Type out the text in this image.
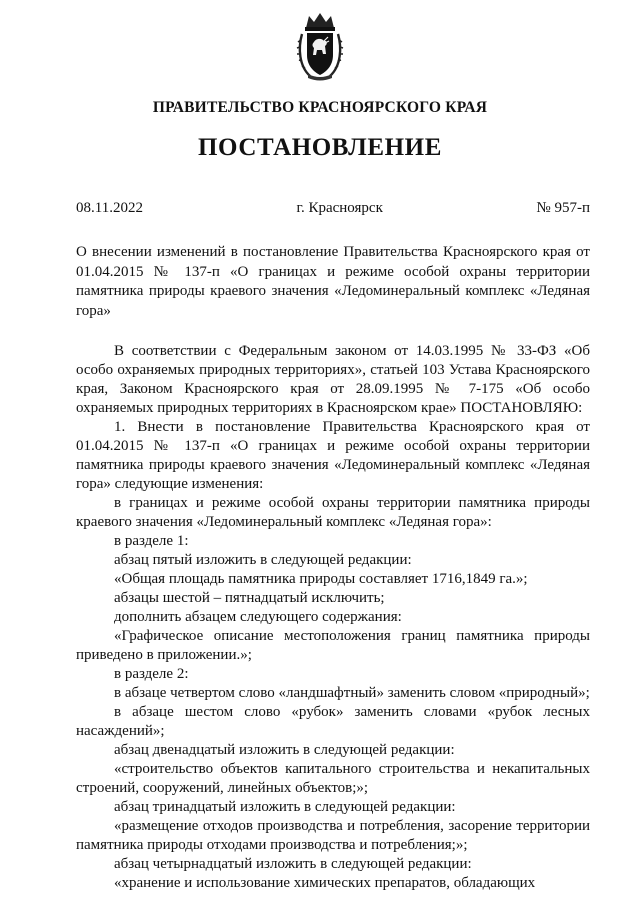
ПРАВИТЕЛЬСТВО КРАСНОЯРСКОГО КРАЯ
ПОСТАНОВЛЕНИЕ
08.11.2022	г. Красноярск	№ 957-п
О внесении изменений в постановление Правительства Красноярского края от 01.04.2015 № 137-п «О границах и режиме особой охраны территории памятника природы краевого значения «Ледоминеральный комплекс «Ледяная гора»

В соответствии с Федеральным законом от 14.03.1995 № 33-ФЗ «Об особо охраняемых природных территориях», статьей 103 Устава Красноярского края, Законом Красноярского края от 28.09.1995 № 7-175 «Об особо охраняемых природных территориях в Красноярском крае» ПОСТАНОВЛЯЮ:

1. Внести в постановление Правительства Красноярского края от 01.04.2015 № 137-п «О границах и режиме особой охраны территории памятника природы краевого значения «Ледоминеральный комплекс «Ледяная гора» следующие изменения:

в границах и режиме особой охраны территории памятника природы краевого значения «Ледоминеральный комплекс «Ледяная гора»:

в разделе 1:

абзац пятый изложить в следующей редакции:

«Общая площадь памятника природы составляет 1716,1849 га.»;

абзацы шестой – пятнадцатый исключить;

дополнить абзацем следующего содержания:

«Графическое описание местоположения границ памятника природы приведено в приложении.»;

в разделе 2:

в абзаце четвертом слово «ландшафтный» заменить словом «природный»;

в абзаце шестом слово «рубок» заменить словами «рубок лесных насаждений»;

абзац двенадцатый изложить в следующей редакции:

«строительство объектов капитального строительства и некапитальных строений, сооружений, линейных объектов;»;

абзац тринадцатый изложить в следующей редакции:

«размещение отходов производства и потребления, засорение территории памятника природы отходами производства и потребления;»;

абзац четырнадцатый изложить в следующей редакции:

«хранение и использование химических препаратов, обладающих
